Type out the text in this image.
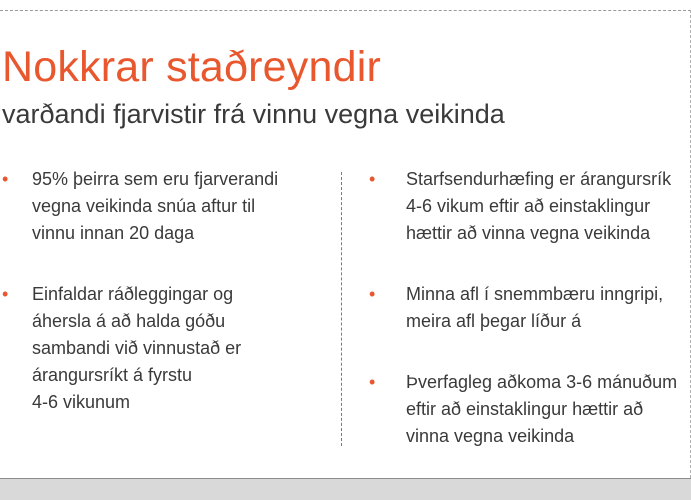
Nokkrar staðreyndir
varðandi fjarvistir frá vinnu vegna veikinda
• 95% þeirra sem eru fjarverandi
vegna veikinda snúa aftur til
vinnu innan 20 daga
• Einfaldar ráðleggingar og
áhersla á að halda góðu
sambandi við vinnustað er
árangursríkt á fyrstu
4-6 vikunum
• Starfsendurhæfing er árangursrík
4-6 vikum eftir að einstaklingur
hættir að vinna vegna veikinda
• Minna afl í snemmbæru inngripi,
meira afl þegar líður á
• Þverfagleg aðkoma 3-6 mánuðum
eftir að einstaklingur hættir að
vinna vegna veikinda
